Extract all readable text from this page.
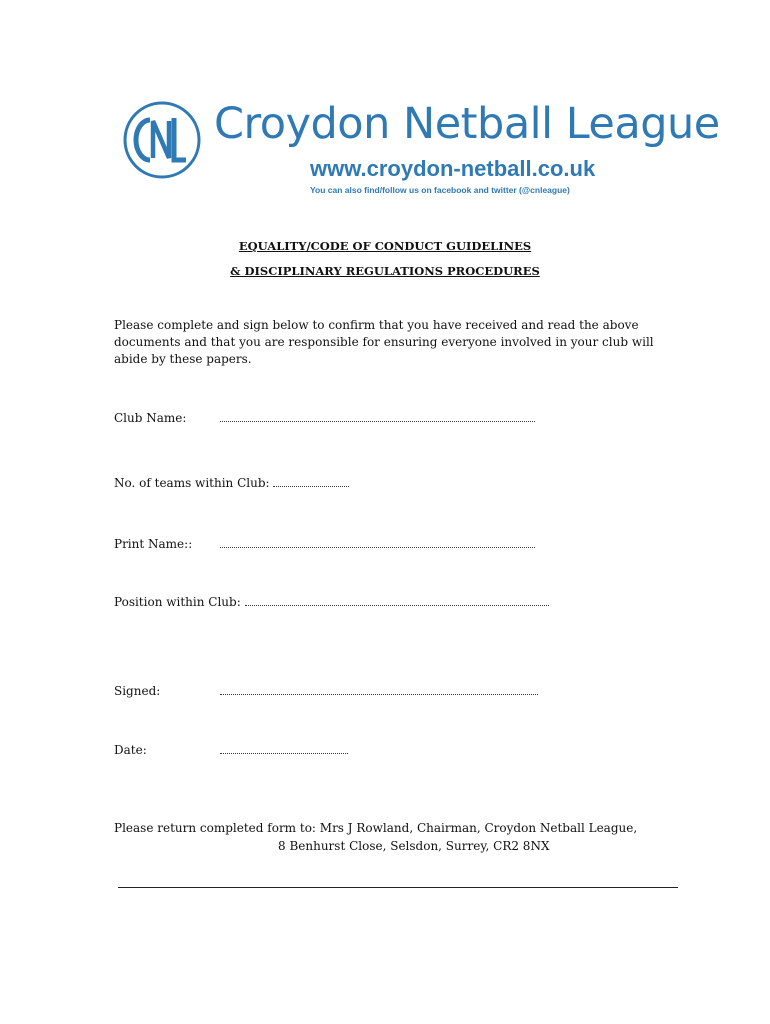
Croydon Netball League
www.croydon-netball.co.uk
You can also find/follow us on facebook and twitter (@cnleague)
EQUALITY/CODE OF CONDUCT GUIDELINES
& DISCIPLINARY REGULATIONS PROCEDURES
Please complete and sign below to confirm that you have received and read the above documents and that you are responsible for ensuring everyone involved in your club will abide by these papers.
Club Name:
No. of teams within Club:
Print Name::
Position within Club:
Signed:
Date:
Please return completed form to: Mrs J Rowland, Chairman, Croydon Netball League,
8 Benhurst Close, Selsdon, Surrey, CR2 8NX
